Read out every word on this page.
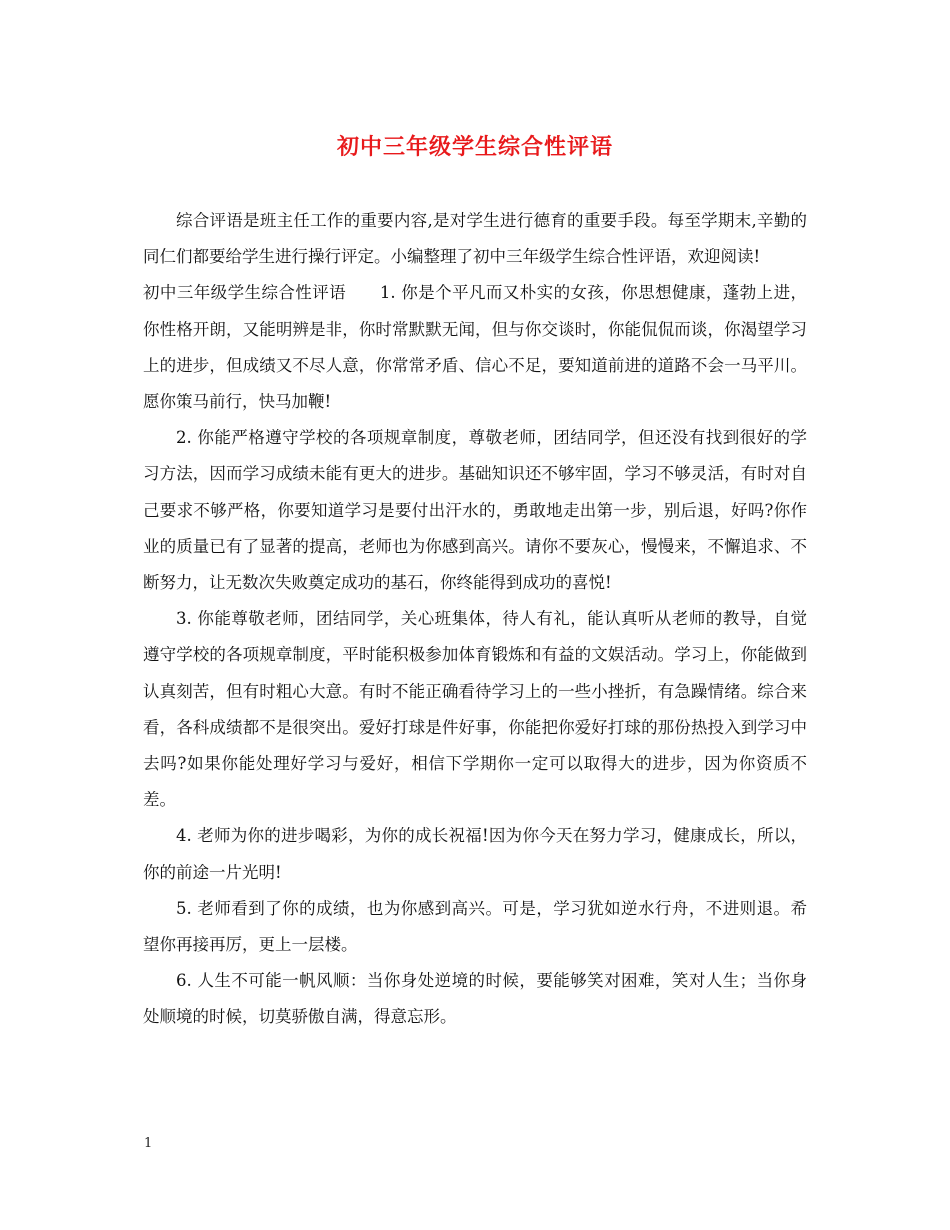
初中三年级学生综合性评语

综合评语是班主任工作的重要内容,是对学生进行德育的重要手段。每至学期末,辛勤的同仁们都要给学生进行操行评定。小编整理了初中三年级学生综合性评语，欢迎阅读!

初中三年级学生综合性评语　　1. 你是个平凡而又朴实的女孩，你思想健康，蓬勃上进，你性格开朗，又能明辨是非，你时常默默无闻，但与你交谈时，你能侃侃而谈，你渴望学习上的进步，但成绩又不尽人意，你常常矛盾、信心不足，要知道前进的道路不会一马平川。愿你策马前行，快马加鞭!

2. 你能严格遵守学校的各项规章制度，尊敬老师，团结同学，但还没有找到很好的学习方法，因而学习成绩未能有更大的进步。基础知识还不够牢固，学习不够灵活，有时对自己要求不够严格，你要知道学习是要付出汗水的，勇敢地走出第一步，别后退，好吗?你作业的质量已有了显著的提高，老师也为你感到高兴。请你不要灰心，慢慢来，不懈追求、不断努力，让无数次失败奠定成功的基石，你终能得到成功的喜悦!

3. 你能尊敬老师，团结同学，关心班集体，待人有礼，能认真听从老师的教导，自觉遵守学校的各项规章制度，平时能积极参加体育锻炼和有益的文娱活动。学习上，你能做到认真刻苦，但有时粗心大意。有时不能正确看待学习上的一些小挫折，有急躁情绪。综合来看，各科成绩都不是很突出。爱好打球是件好事，你能把你爱好打球的那份热投入到学习中去吗?如果你能处理好学习与爱好，相信下学期你一定可以取得大的进步，因为你资质不差。

4. 老师为你的进步喝彩，为你的成长祝福!因为你今天在努力学习，健康成长，所以，你的前途一片光明!

5. 老师看到了你的成绩，也为你感到高兴。可是，学习犹如逆水行舟，不进则退。希望你再接再厉，更上一层楼。

6. 人生不可能一帆风顺：当你身处逆境的时候，要能够笑对困难，笑对人生；当你身处顺境的时候，切莫骄傲自满，得意忘形。

1
